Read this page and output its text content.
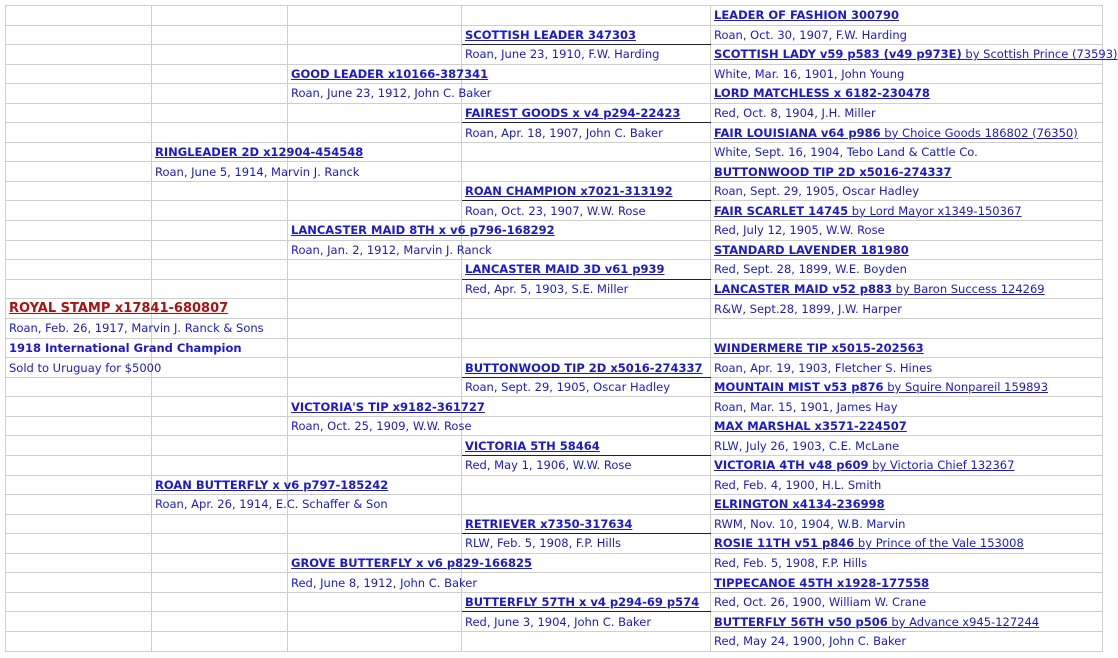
				LEADER OF FASHION 300790
			SCOTTISH LEADER 347303	Roan, Oct. 30, 1907, F.W. Harding
			Roan, June 23, 1910, F.W. Harding	SCOTTISH LADY v59 p583 (v49 p973E) by Scottish Prince (73593)
		GOOD LEADER x10166-387341		White, Mar. 16, 1901, John Young
		Roan, June 23, 1912, John C. Baker		LORD MATCHLESS x 6182-230478
			FAIREST GOODS x v4 p294-22423	Red, Oct. 8, 1904, J.H. Miller
			Roan, Apr. 18, 1907, John C. Baker	FAIR LOUISIANA v64 p986 by Choice Goods 186802 (76350)
	RINGLEADER 2D x12904-454548			White, Sept. 16, 1904, Tebo Land & Cattle Co.
	Roan, June 5, 1914, Marvin J. Ranck			BUTTONWOOD TIP 2D x5016-274337
			ROAN CHAMPION x7021-313192	Roan, Sept. 29, 1905, Oscar Hadley
			Roan, Oct. 23, 1907, W.W. Rose	FAIR SCARLET 14745 by Lord Mayor x1349-150367
		LANCASTER MAID 8TH x v6 p796-168292		Red, July 12, 1905, W.W. Rose
		Roan, Jan. 2, 1912, Marvin J. Ranck		STANDARD LAVENDER 181980
			LANCASTER MAID 3D v61 p939	Red, Sept. 28, 1899, W.E. Boyden
			Red, Apr. 5, 1903, S.E. Miller	LANCASTER MAID v52 p883 by Baron Success 124269
ROYAL STAMP x17841-680807				R&W, Sept.28, 1899, J.W. Harper
Roan, Feb. 26, 1917, Marvin J. Ranck & Sons				
1918 International Grand Champion				WINDERMERE TIP x5015-202563
Sold to Uruguay for $5000			BUTTONWOOD TIP 2D x5016-274337	Roan, Apr. 19, 1903, Fletcher S. Hines
			Roan, Sept. 29, 1905, Oscar Hadley	MOUNTAIN MIST v53 p876 by Squire Nonpareil 159893
		VICTORIA'S TIP x9182-361727		Roan, Mar. 15, 1901, James Hay
		Roan, Oct. 25, 1909, W.W. Rose		MAX MARSHAL x3571-224507
			VICTORIA 5TH 58464	RLW, July 26, 1903, C.E. McLane
			Red, May 1, 1906, W.W. Rose	VICTORIA 4TH v48 p609 by Victoria Chief 132367
	ROAN BUTTERFLY x v6 p797-185242			Red, Feb. 4, 1900, H.L. Smith
	Roan, Apr. 26, 1914, E.C. Schaffer & Son			ELRINGTON x4134-236998
			RETRIEVER x7350-317634	RWM, Nov. 10, 1904, W.B. Marvin
			RLW, Feb. 5, 1908, F.P. Hills	ROSIE 11TH v51 p846 by Prince of the Vale 153008
		GROVE BUTTERFLY x v6 p829-166825		Red, Feb. 5, 1908, F.P. Hills
		Red, June 8, 1912, John C. Baker		TIPPECANOE 45TH x1928-177558
			BUTTERFLY 57TH x v4 p294-69 p574	Red, Oct. 26, 1900, William W. Crane
			Red, June 3, 1904, John C. Baker	BUTTERFLY 56TH v50 p506 by Advance x945-127244
				Red, May 24, 1900, John C. Baker
